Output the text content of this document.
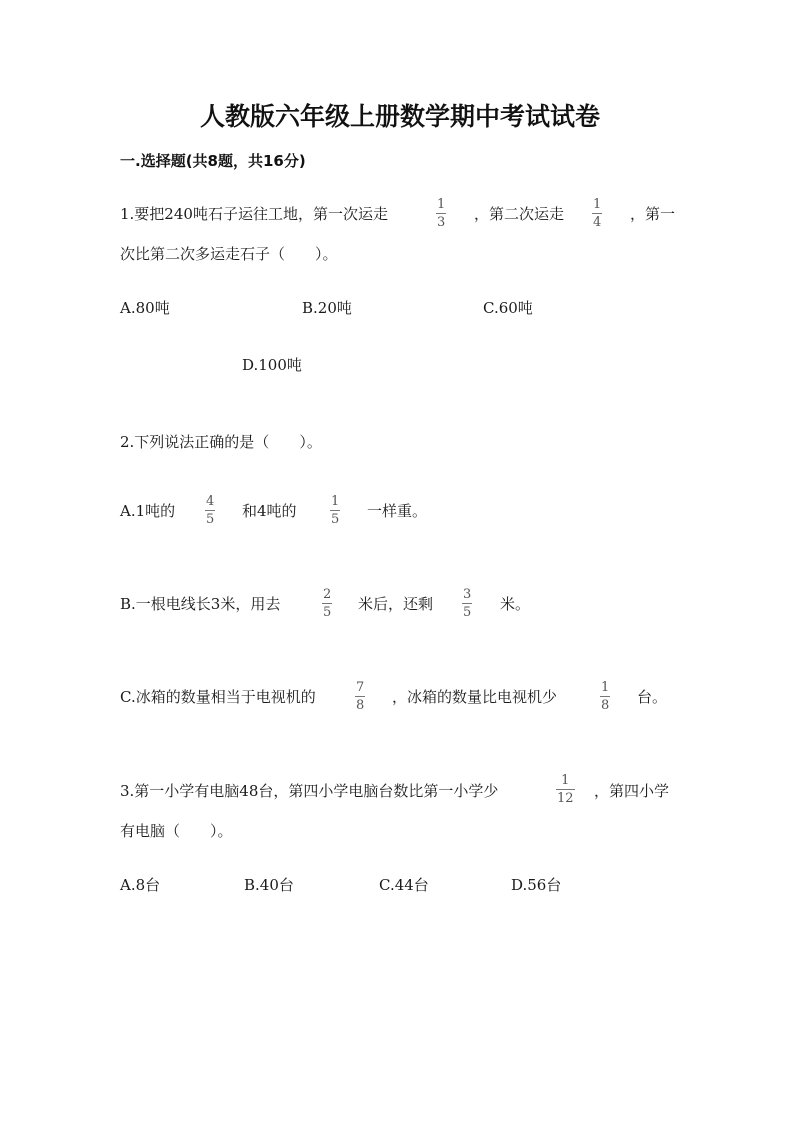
人教版六年级上册数学期中考试试卷
一.选择题(共8题，共16分)
1.要把240吨石子运往工地，第一次运走
1
3 ，第二次运走
1
4 ，第一
次比第二次多运走石子（　　）。
A.80吨	B.20吨	C.60吨
D.100吨
2.下列说法正确的是（　　）。
A.1吨的
4
5 和4吨的
1
5 一样重。
B.一根电线长3米，用去
2
5 米后，还剩
3
5 米。
C.冰箱的数量相当于电视机的
7
8 ，冰箱的数量比电视机少
1
8 台。
3.第一小学有电脑48台，第四小学电脑台数比第一小学少
1
12 ，第四小学
有电脑（　　）。
A.8台	B.40台	C.44台	D.56台
